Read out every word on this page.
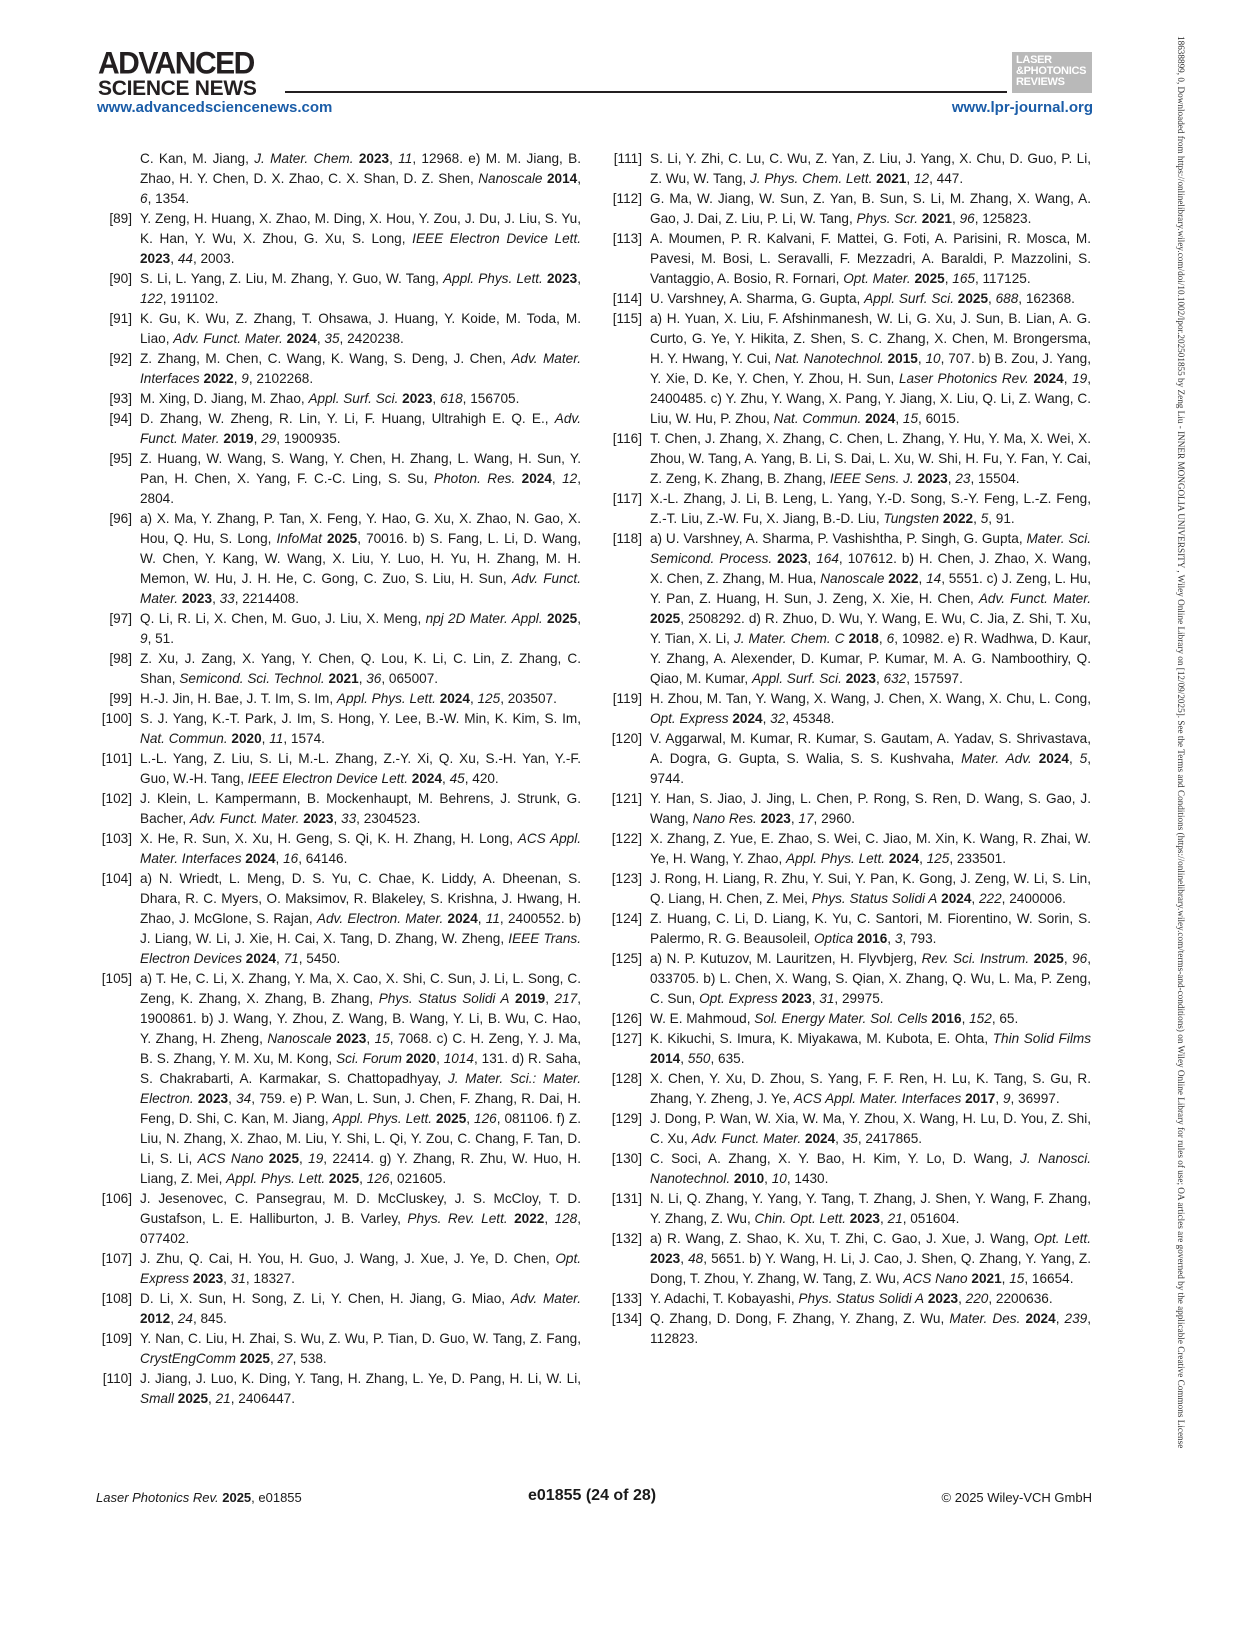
ADVANCED
SCIENCE NEWS
LASER
&PHOTONICS
REVIEWS
www.advancedsciencenews.com	www.lpr-journal.org	18638899, 0, Downloaded from https://onlinelibrary.wiley.com/doi/10.1002/lpor.202501855 by Zeng Liu - INNER MONGOLIA UNIVERSITY , Wiley Online Library on [12/09/2025]. See the Terms and Conditions (https://onlinelibrary.wiley.com/terms-and-conditions) on Wiley Online Library for rules of use; OA articles are governed by the applicable Creative Commons License

C. Kan, M. Jiang, J. Mater. Chem. 2023, 11, 12968. e) M. M. Jiang, B. Zhao, H. Y. Chen, D. X. Zhao, C. X. Shan, D. Z. Shen, Nanoscale 2014, 6, 1354.

[89] Y. Zeng, H. Huang, X. Zhao, M. Ding, X. Hou, Y. Zou, J. Du, J. Liu, S. Yu, K. Han, Y. Wu, X. Zhou, G. Xu, S. Long, IEEE Electron Device Lett. 2023, 44, 2003.

[90] S. Li, L. Yang, Z. Liu, M. Zhang, Y. Guo, W. Tang, Appl. Phys. Lett. 2023, 122, 191102.

[91] K. Gu, K. Wu, Z. Zhang, T. Ohsawa, J. Huang, Y. Koide, M. Toda, M. Liao, Adv. Funct. Mater. 2024, 35, 2420238.

[92] Z. Zhang, M. Chen, C. Wang, K. Wang, S. Deng, J. Chen, Adv. Mater. Interfaces 2022, 9, 2102268.

[93] M. Xing, D. Jiang, M. Zhao, Appl. Surf. Sci. 2023, 618, 156705.

[94] D. Zhang, W. Zheng, R. Lin, Y. Li, F. Huang, Ultrahigh E. Q. E., Adv. Funct. Mater. 2019, 29, 1900935.

[95] Z. Huang, W. Wang, S. Wang, Y. Chen, H. Zhang, L. Wang, H. Sun, Y. Pan, H. Chen, X. Yang, F. C.-C. Ling, S. Su, Photon. Res. 2024, 12, 2804.

[96] a) X. Ma, Y. Zhang, P. Tan, X. Feng, Y. Hao, G. Xu, X. Zhao, N. Gao, X. Hou, Q. Hu, S. Long, InfoMat 2025, 70016. b) S. Fang, L. Li, D. Wang, W. Chen, Y. Kang, W. Wang, X. Liu, Y. Luo, H. Yu, H. Zhang, M. H. Memon, W. Hu, J. H. He, C. Gong, C. Zuo, S. Liu, H. Sun, Adv. Funct. Mater. 2023, 33, 2214408.

[97] Q. Li, R. Li, X. Chen, M. Guo, J. Liu, X. Meng, npj 2D Mater. Appl. 2025, 9, 51.

[98] Z. Xu, J. Zang, X. Yang, Y. Chen, Q. Lou, K. Li, C. Lin, Z. Zhang, C. Shan, Semicond. Sci. Technol. 2021, 36, 065007.

[99] H.-J. Jin, H. Bae, J. T. Im, S. Im, Appl. Phys. Lett. 2024, 125, 203507.

[100] S. J. Yang, K.-T. Park, J. Im, S. Hong, Y. Lee, B.-W. Min, K. Kim, S. Im, Nat. Commun. 2020, 11, 1574.

[101] L.-L. Yang, Z. Liu, S. Li, M.-L. Zhang, Z.-Y. Xi, Q. Xu, S.-H. Yan, Y.-F. Guo, W.-H. Tang, IEEE Electron Device Lett. 2024, 45, 420.

[102] J. Klein, L. Kampermann, B. Mockenhaupt, M. Behrens, J. Strunk, G. Bacher, Adv. Funct. Mater. 2023, 33, 2304523.

[103] X. He, R. Sun, X. Xu, H. Geng, S. Qi, K. H. Zhang, H. Long, ACS Appl. Mater. Interfaces 2024, 16, 64146.

[104] a) N. Wriedt, L. Meng, D. S. Yu, C. Chae, K. Liddy, A. Dheenan, S. Dhara, R. C. Myers, O. Maksimov, R. Blakeley, S. Krishna, J. Hwang, H. Zhao, J. McGlone, S. Rajan, Adv. Electron. Mater. 2024, 11, 2400552. b) J. Liang, W. Li, J. Xie, H. Cai, X. Tang, D. Zhang, W. Zheng, IEEE Trans. Electron Devices 2024, 71, 5450.

[105] a) T. He, C. Li, X. Zhang, Y. Ma, X. Cao, X. Shi, C. Sun, J. Li, L. Song, C. Zeng, K. Zhang, X. Zhang, B. Zhang, Phys. Status Solidi A 2019, 217, 1900861. b) J. Wang, Y. Zhou, Z. Wang, B. Wang, Y. Li, B. Wu, C. Hao, Y. Zhang, H. Zheng, Nanoscale 2023, 15, 7068. c) C. H. Zeng, Y. J. Ma, B. S. Zhang, Y. M. Xu, M. Kong, Sci. Forum 2020, 1014, 131. d) R. Saha, S. Chakrabarti, A. Karmakar, S. Chattopadhyay, J. Mater. Sci.: Mater. Electron. 2023, 34, 759. e) P. Wan, L. Sun, J. Chen, F. Zhang, R. Dai, H. Feng, D. Shi, C. Kan, M. Jiang, Appl. Phys. Lett. 2025, 126, 081106. f) Z. Liu, N. Zhang, X. Zhao, M. Liu, Y. Shi, L. Qi, Y. Zou, C. Chang, F. Tan, D. Li, S. Li, ACS Nano 2025, 19, 22414. g) Y. Zhang, R. Zhu, W. Huo, H. Liang, Z. Mei, Appl. Phys. Lett. 2025, 126, 021605.

[106] J. Jesenovec, C. Pansegrau, M. D. McCluskey, J. S. McCloy, T. D. Gustafson, L. E. Halliburton, J. B. Varley, Phys. Rev. Lett. 2022, 128, 077402.

[107] J. Zhu, Q. Cai, H. You, H. Guo, J. Wang, J. Xue, J. Ye, D. Chen, Opt. Express 2023, 31, 18327.

[108] D. Li, X. Sun, H. Song, Z. Li, Y. Chen, H. Jiang, G. Miao, Adv. Mater. 2012, 24, 845.

[109] Y. Nan, C. Liu, H. Zhai, S. Wu, Z. Wu, P. Tian, D. Guo, W. Tang, Z. Fang, CrystEngComm 2025, 27, 538.

[110] J. Jiang, J. Luo, K. Ding, Y. Tang, H. Zhang, L. Ye, D. Pang, H. Li, W. Li, Small 2025, 21, 2406447.

[111] S. Li, Y. Zhi, C. Lu, C. Wu, Z. Yan, Z. Liu, J. Yang, X. Chu, D. Guo, P. Li, Z. Wu, W. Tang, J. Phys. Chem. Lett. 2021, 12, 447.

[112] G. Ma, W. Jiang, W. Sun, Z. Yan, B. Sun, S. Li, M. Zhang, X. Wang, A. Gao, J. Dai, Z. Liu, P. Li, W. Tang, Phys. Scr. 2021, 96, 125823.

[113] A. Moumen, P. R. Kalvani, F. Mattei, G. Foti, A. Parisini, R. Mosca, M. Pavesi, M. Bosi, L. Seravalli, F. Mezzadri, A. Baraldi, P. Mazzolini, S. Vantaggio, A. Bosio, R. Fornari, Opt. Mater. 2025, 165, 117125.

[114] U. Varshney, A. Sharma, G. Gupta, Appl. Surf. Sci. 2025, 688, 162368.

[115] a) H. Yuan, X. Liu, F. Afshinmanesh, W. Li, G. Xu, J. Sun, B. Lian, A. G. Curto, G. Ye, Y. Hikita, Z. Shen, S. C. Zhang, X. Chen, M. Brongersma, H. Y. Hwang, Y. Cui, Nat. Nanotechnol. 2015, 10, 707. b) B. Zou, J. Yang, Y. Xie, D. Ke, Y. Chen, Y. Zhou, H. Sun, Laser Photonics Rev. 2024, 19, 2400485. c) Y. Zhu, Y. Wang, X. Pang, Y. Jiang, X. Liu, Q. Li, Z. Wang, C. Liu, W. Hu, P. Zhou, Nat. Commun. 2024, 15, 6015.

[116] T. Chen, J. Zhang, X. Zhang, C. Chen, L. Zhang, Y. Hu, Y. Ma, X. Wei, X. Zhou, W. Tang, A. Yang, B. Li, S. Dai, L. Xu, W. Shi, H. Fu, Y. Fan, Y. Cai, Z. Zeng, K. Zhang, B. Zhang, IEEE Sens. J. 2023, 23, 15504.

[117] X.-L. Zhang, J. Li, B. Leng, L. Yang, Y.-D. Song, S.-Y. Feng, L.-Z. Feng, Z.-T. Liu, Z.-W. Fu, X. Jiang, B.-D. Liu, Tungsten 2022, 5, 91.

[118] a) U. Varshney, A. Sharma, P. Vashishtha, P. Singh, G. Gupta, Mater. Sci. Semicond. Process. 2023, 164, 107612. b) H. Chen, J. Zhao, X. Wang, X. Chen, Z. Zhang, M. Hua, Nanoscale 2022, 14, 5551. c) J. Zeng, L. Hu, Y. Pan, Z. Huang, H. Sun, J. Zeng, X. Xie, H. Chen, Adv. Funct. Mater. 2025, 2508292. d) R. Zhuo, D. Wu, Y. Wang, E. Wu, C. Jia, Z. Shi, T. Xu, Y. Tian, X. Li, J. Mater. Chem. C 2018, 6, 10982. e) R. Wadhwa, D. Kaur, Y. Zhang, A. Alexender, D. Kumar, P. Kumar, M. A. G. Namboothiry, Q. Qiao, M. Kumar, Appl. Surf. Sci. 2023, 632, 157597.

[119] H. Zhou, M. Tan, Y. Wang, X. Wang, J. Chen, X. Wang, X. Chu, L. Cong, Opt. Express 2024, 32, 45348.

[120] V. Aggarwal, M. Kumar, R. Kumar, S. Gautam, A. Yadav, S. Shrivastava, A. Dogra, G. Gupta, S. Walia, S. S. Kushvaha, Mater. Adv. 2024, 5, 9744.

[121] Y. Han, S. Jiao, J. Jing, L. Chen, P. Rong, S. Ren, D. Wang, S. Gao, J. Wang, Nano Res. 2023, 17, 2960.

[122] X. Zhang, Z. Yue, E. Zhao, S. Wei, C. Jiao, M. Xin, K. Wang, R. Zhai, W. Ye, H. Wang, Y. Zhao, Appl. Phys. Lett. 2024, 125, 233501.

[123] J. Rong, H. Liang, R. Zhu, Y. Sui, Y. Pan, K. Gong, J. Zeng, W. Li, S. Lin, Q. Liang, H. Chen, Z. Mei, Phys. Status Solidi A 2024, 222, 2400006.

[124] Z. Huang, C. Li, D. Liang, K. Yu, C. Santori, M. Fiorentino, W. Sorin, S. Palermo, R. G. Beausoleil, Optica 2016, 3, 793.

[125] a) N. P. Kutuzov, M. Lauritzen, H. Flyvbjerg, Rev. Sci. Instrum. 2025, 96, 033705. b) L. Chen, X. Wang, S. Qian, X. Zhang, Q. Wu, L. Ma, P. Zeng, C. Sun, Opt. Express 2023, 31, 29975.

[126] W. E. Mahmoud, Sol. Energy Mater. Sol. Cells 2016, 152, 65.

[127] K. Kikuchi, S. Imura, K. Miyakawa, M. Kubota, E. Ohta, Thin Solid Films 2014, 550, 635.

[128] X. Chen, Y. Xu, D. Zhou, S. Yang, F. F. Ren, H. Lu, K. Tang, S. Gu, R. Zhang, Y. Zheng, J. Ye, ACS Appl. Mater. Interfaces 2017, 9, 36997.

[129] J. Dong, P. Wan, W. Xia, W. Ma, Y. Zhou, X. Wang, H. Lu, D. You, Z. Shi, C. Xu, Adv. Funct. Mater. 2024, 35, 2417865.

[130] C. Soci, A. Zhang, X. Y. Bao, H. Kim, Y. Lo, D. Wang, J. Nanosci. Nanotechnol. 2010, 10, 1430.

[131] N. Li, Q. Zhang, Y. Yang, Y. Tang, T. Zhang, J. Shen, Y. Wang, F. Zhang, Y. Zhang, Z. Wu, Chin. Opt. Lett. 2023, 21, 051604.

[132] a) R. Wang, Z. Shao, K. Xu, T. Zhi, C. Gao, J. Xue, J. Wang, Opt. Lett. 2023, 48, 5651. b) Y. Wang, H. Li, J. Cao, J. Shen, Q. Zhang, Y. Yang, Z. Dong, T. Zhou, Y. Zhang, W. Tang, Z. Wu, ACS Nano 2021, 15, 16654.

[133] Y. Adachi, T. Kobayashi, Phys. Status Solidi A 2023, 220, 2200636.

[134] Q. Zhang, D. Dong, F. Zhang, Y. Zhang, Z. Wu, Mater. Des. 2024, 239, 112823.

Laser Photonics Rev. 2025, e01855	e01855 (24 of 28)	© 2025 Wiley-VCH GmbH
